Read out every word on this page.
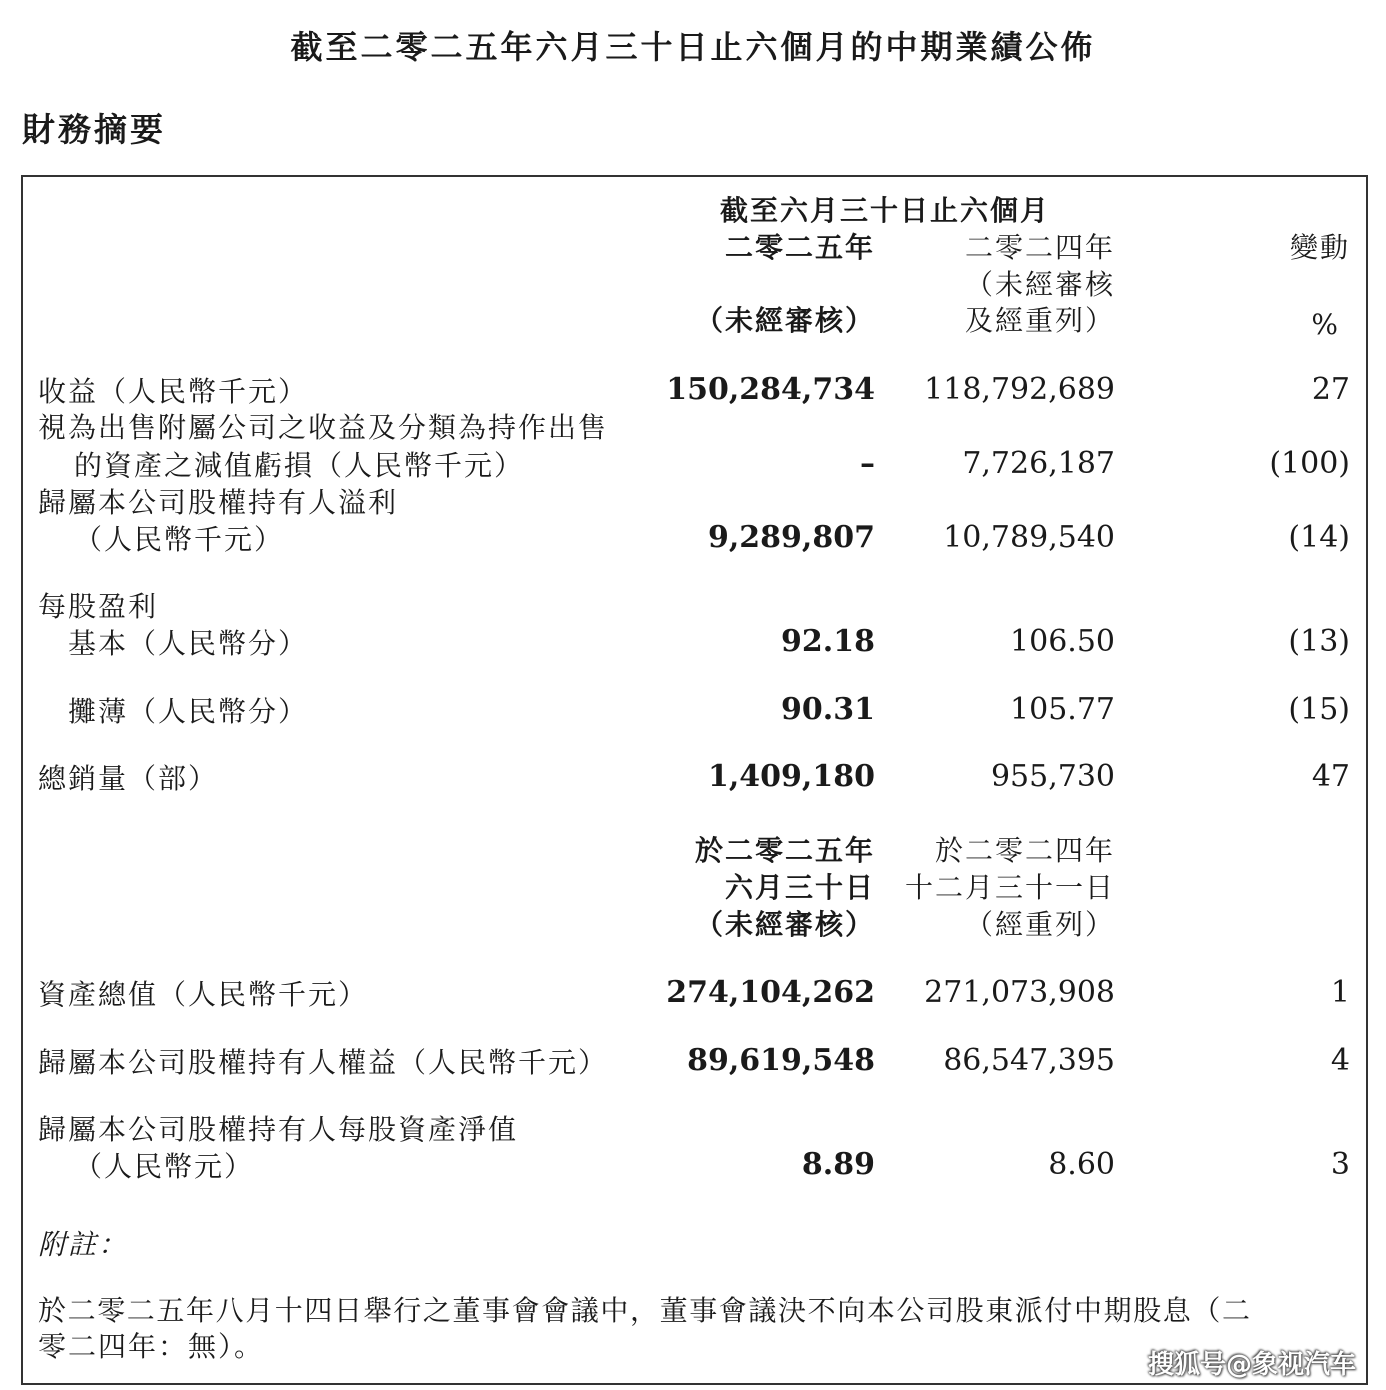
截至二零二五年六月三十日止六個月的中期業績公佈
財務摘要
截至六月三十日止六個月
二零二五年
（未經審核）
二零二四年
（未經審核
及經重列）
變動
%
收益（人民幣千元）	150,284,734 118,792,689	27
視為出售附屬公司之收益及分類為持作出售
的資產之減值虧損（人民幣千元）	–	7,726,187	(100)
歸屬本公司股權持有人溢利
（人民幣千元）	9,289,807 10,789,540	(14)
每股盈利
基本（人民幣分）	92.18	106.50	(13)
攤薄（人民幣分）	90.31	105.77	(15)
總銷量（部）	1,409,180	955,730	47
於二零二五年
六月三十日
（未經審核）
於二零二四年
十二月三十一日
（經重列）
資產總值（人民幣千元）	274,104,262 271,073,908	1
歸屬本公司股權持有人權益（人民幣千元）	89,619,548 86,547,395	4
歸屬本公司股權持有人每股資產淨值
（人民幣元）	8.89	8.60	3
附註：
於二零二五年八月十四日舉行之董事會會議中，董事會議決不向本公司股東派付中期股息（二
零二四年：無）。
搜狐号@象视汽车
